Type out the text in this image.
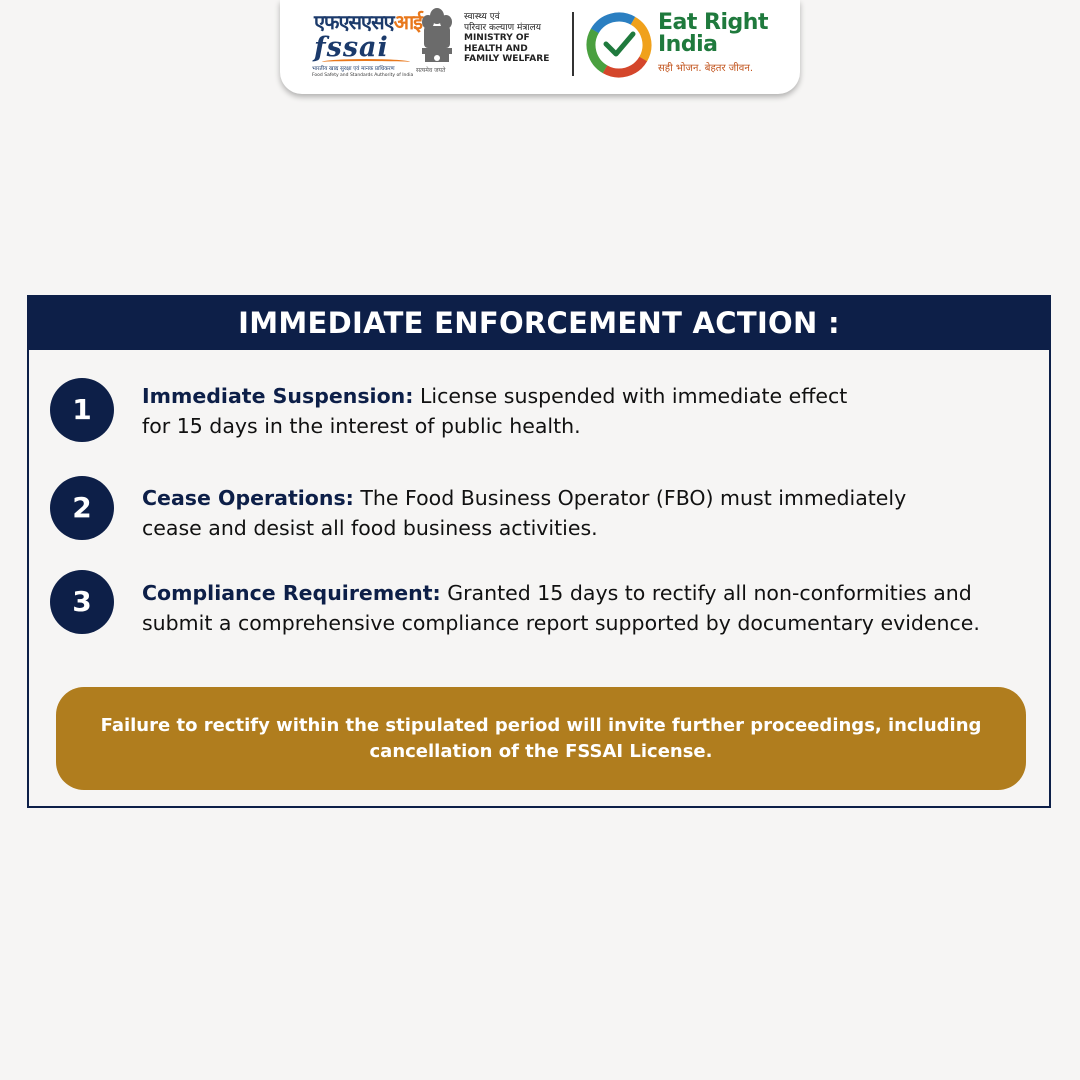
एफएसएसएआई
fssai
भारतीय खाद्य सुरक्षा एवं मानक प्राधिकरण
Food Safety and Standards Authority of India
सत्यमेव जयते
स्वास्थ्य एवं
परिवार कल्याण मंत्रालय
MINISTRY OF
HEALTH AND
FAMILY WELFARE
Eat Right
India
सही भोजन. बेहतर जीवन.
IMMEDIATE ENFORCEMENT ACTION :
1	Immediate Suspension: License suspended with immediate effect
for 15 days in the interest of public health.
2	Cease Operations: The Food Business Operator (FBO) must immediately
cease and desist all food business activities.
3	Compliance Requirement: Granted 15 days to rectify all non-conformities and
submit a comprehensive compliance report supported by documentary evidence.
Failure to rectify within the stipulated period will invite further proceedings, including cancellation of the FSSAI License.
